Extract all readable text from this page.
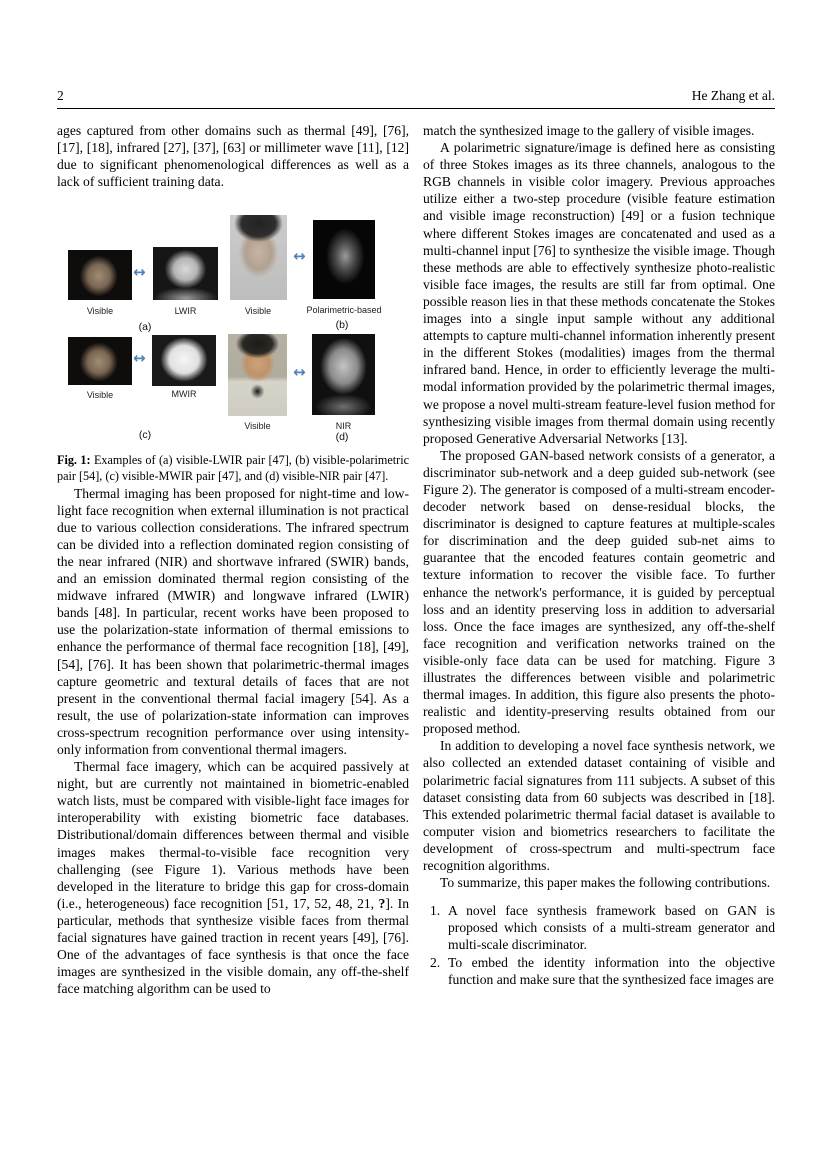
2	He Zhang et al.

ages captured from other domains such as thermal [49], [76], [17], [18], infrared [27], [37], [63] or millimeter wave [11], [12] due to significant phenomenological differences as well as a lack of sufficient training data.

↔
Visible	LWIR
(a)
↔
Visible	Polarimetric-based
(b)
↔
Visible	MWIR
(c)
↔
Visible	NIR
(d)

Fig. 1: Examples of (a) visible-LWIR pair [47], (b) visible-polarimetric pair [54], (c) visible-MWIR pair [47], and (d) visible-NIR pair [47].

Thermal imaging has been proposed for night-time and low-light face recognition when external illumination is not practical due to various collection considerations. The infrared spectrum can be divided into a reflection dominated region consisting of the near infrared (NIR) and shortwave infrared (SWIR) bands, and an emission dominated thermal region consisting of the midwave infrared (MWIR) and longwave infrared (LWIR) bands [48]. In particular, recent works have been proposed to use the polarization-state information of thermal emissions to enhance the performance of thermal face recognition [18], [49], [54], [76]. It has been shown that polarimetric-thermal images capture geometric and textural details of faces that are not present in the conventional thermal facial imagery [54]. As a result, the use of polarization-state information can improves cross-spectrum recognition performance over using intensity-only information from conventional thermal imagers.

Thermal face imagery, which can be acquired passively at night, but are currently not maintained in biometric-enabled watch lists, must be compared with visible-light face images for interoperability with existing biometric face databases. Distributional/domain differences between thermal and visible images makes thermal-to-visible face recognition very challenging (see Figure 1). Various methods have been developed in the literature to bridge this gap for cross-domain (i.e., heterogeneous) face recognition [51, 17, 52, 48, 21, ?]. In particular, methods that synthesize visible faces from thermal facial signatures have gained traction in recent years [49], [76]. One of the advantages of face synthesis is that once the face images are synthesized in the visible domain, any off-the-shelf face matching algorithm can be used to

match the synthesized image to the gallery of visible images.

A polarimetric signature/image is defined here as consisting of three Stokes images as its three channels, analogous to the RGB channels in visible color imagery. Previous approaches utilize either a two-step procedure (visible feature estimation and visible image reconstruction) [49] or a fusion technique where different Stokes images are concatenated and used as a multi-channel input [76] to synthesize the visible image. Though these methods are able to effectively synthesize photo-realistic visible face images, the results are still far from optimal. One possible reason lies in that these methods concatenate the Stokes images into a single input sample without any additional attempts to capture multi-channel information inherently present in the different Stokes (modalities) images from the thermal infrared band. Hence, in order to efficiently leverage the multi-modal information provided by the polarimetric thermal images, we propose a novel multi-stream feature-level fusion method for synthesizing visible images from thermal domain using recently proposed Generative Adversarial Networks [13].

The proposed GAN-based network consists of a generator, a discriminator sub-network and a deep guided sub-network (see Figure 2). The generator is composed of a multi-stream encoder-decoder network based on dense-residual blocks, the discriminator is designed to capture features at multiple-scales for discrimination and the deep guided sub-net aims to guarantee that the encoded features contain geometric and texture information to recover the visible face. To further enhance the network's performance, it is guided by perceptual loss and an identity preserving loss in addition to adversarial loss. Once the face images are synthesized, any off-the-shelf face recognition and verification networks trained on the visible-only face data can be used for matching. Figure 3 illustrates the differences between visible and polarimetric thermal images. In addition, this figure also presents the photo-realistic and identity-preserving results obtained from our proposed method.

In addition to developing a novel face synthesis network, we also collected an extended dataset containing of visible and polarimetric facial signatures from 111 subjects. A subset of this dataset consisting data from 60 subjects was described in [18]. This extended polarimetric thermal facial dataset is available to computer vision and biometrics researchers to facilitate the development of cross-spectrum and multi-spectrum face recognition algorithms.

To summarize, this paper makes the following contributions.

1. A novel face synthesis framework based on GAN is proposed which consists of a multi-stream generator and multi-scale discriminator.
2. To embed the identity information into the objective function and make sure that the synthesized face images are
